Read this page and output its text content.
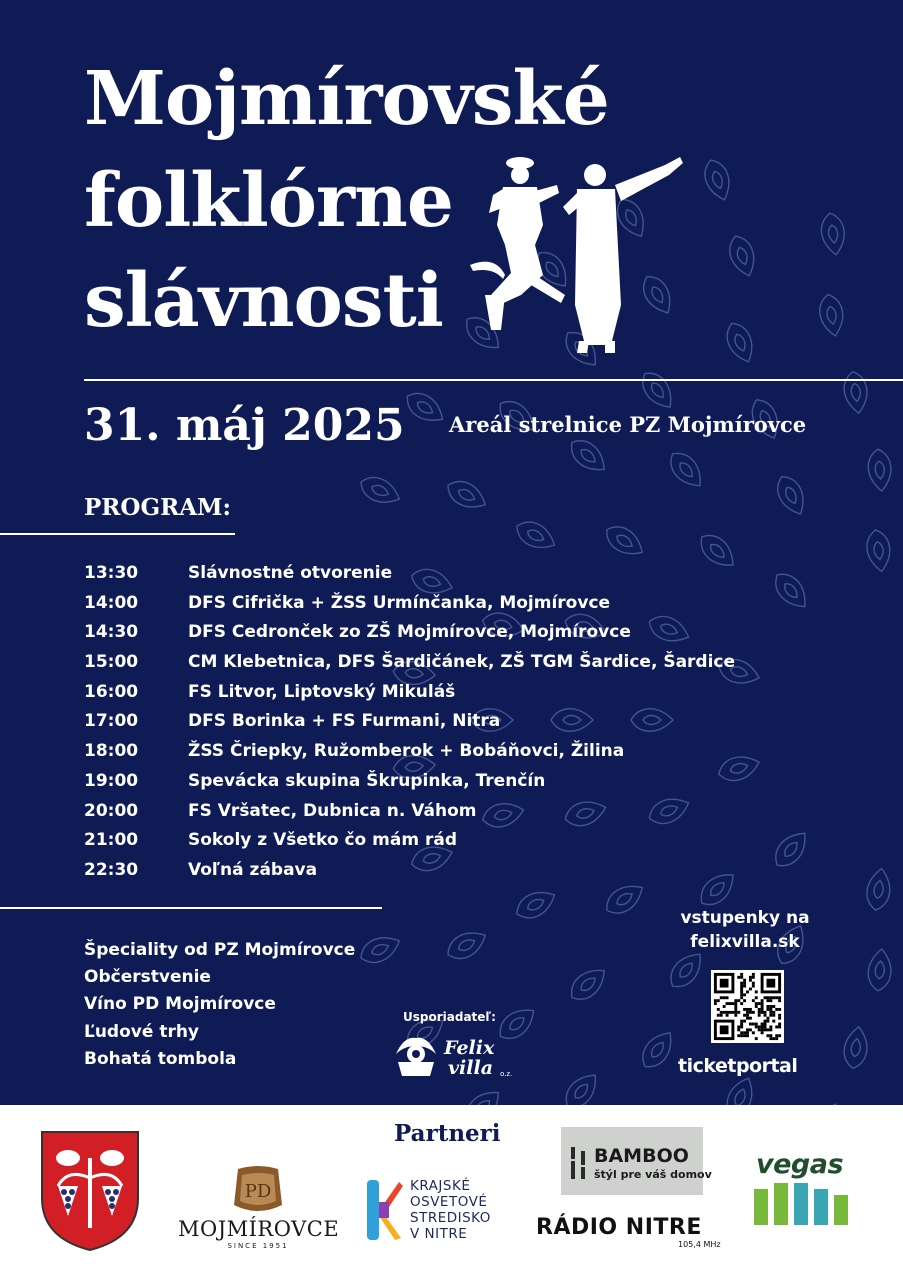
Mojmírovské
folklórne
slávnosti
31. máj 2025 Areál strelnice PZ Mojmírovce
PROGRAM:
13:30	Slávnostné otvorenie
14:00	DFS Cifrička + ŽSS Urmínčanka, Mojmírovce
14:30	DFS Cedronček zo ZŠ Mojmírovce, Mojmírovce
15:00	CM Klebetnica, DFS Šardičánek, ZŠ TGM Šardice, Šardice
16:00	FS Litvor, Liptovský Mikuláš
17:00	DFS Borinka + FS Furmani, Nitra
18:00	ŽSS Čriepky, Ružomberok + Bobáňovci, Žilina
19:00	Spevácka skupina Škrupinka, Trenčín
20:00	FS Vršatec, Dubnica n. Váhom
21:00	Sokoly z Všetko čo mám rád
22:30	Voľná zábava
Špeciality od PZ Mojmírovce
Občerstvenie
Víno PD Mojmírovce
Ľudové trhy
Bohatá tombola
Usporiadateľ:
Felix
villa o.z.
vstupenky na
felixvilla.sk
ticketportal
Partneri
PD
MOJMÍROVCE
SINCE 1951
KRAJSKÉ
OSVETOVÉ
STREDISKO
V NITRE
BAMBOO
štýl pre váš domov
RÁDIO NITRE
105,4 MHz
vegas
